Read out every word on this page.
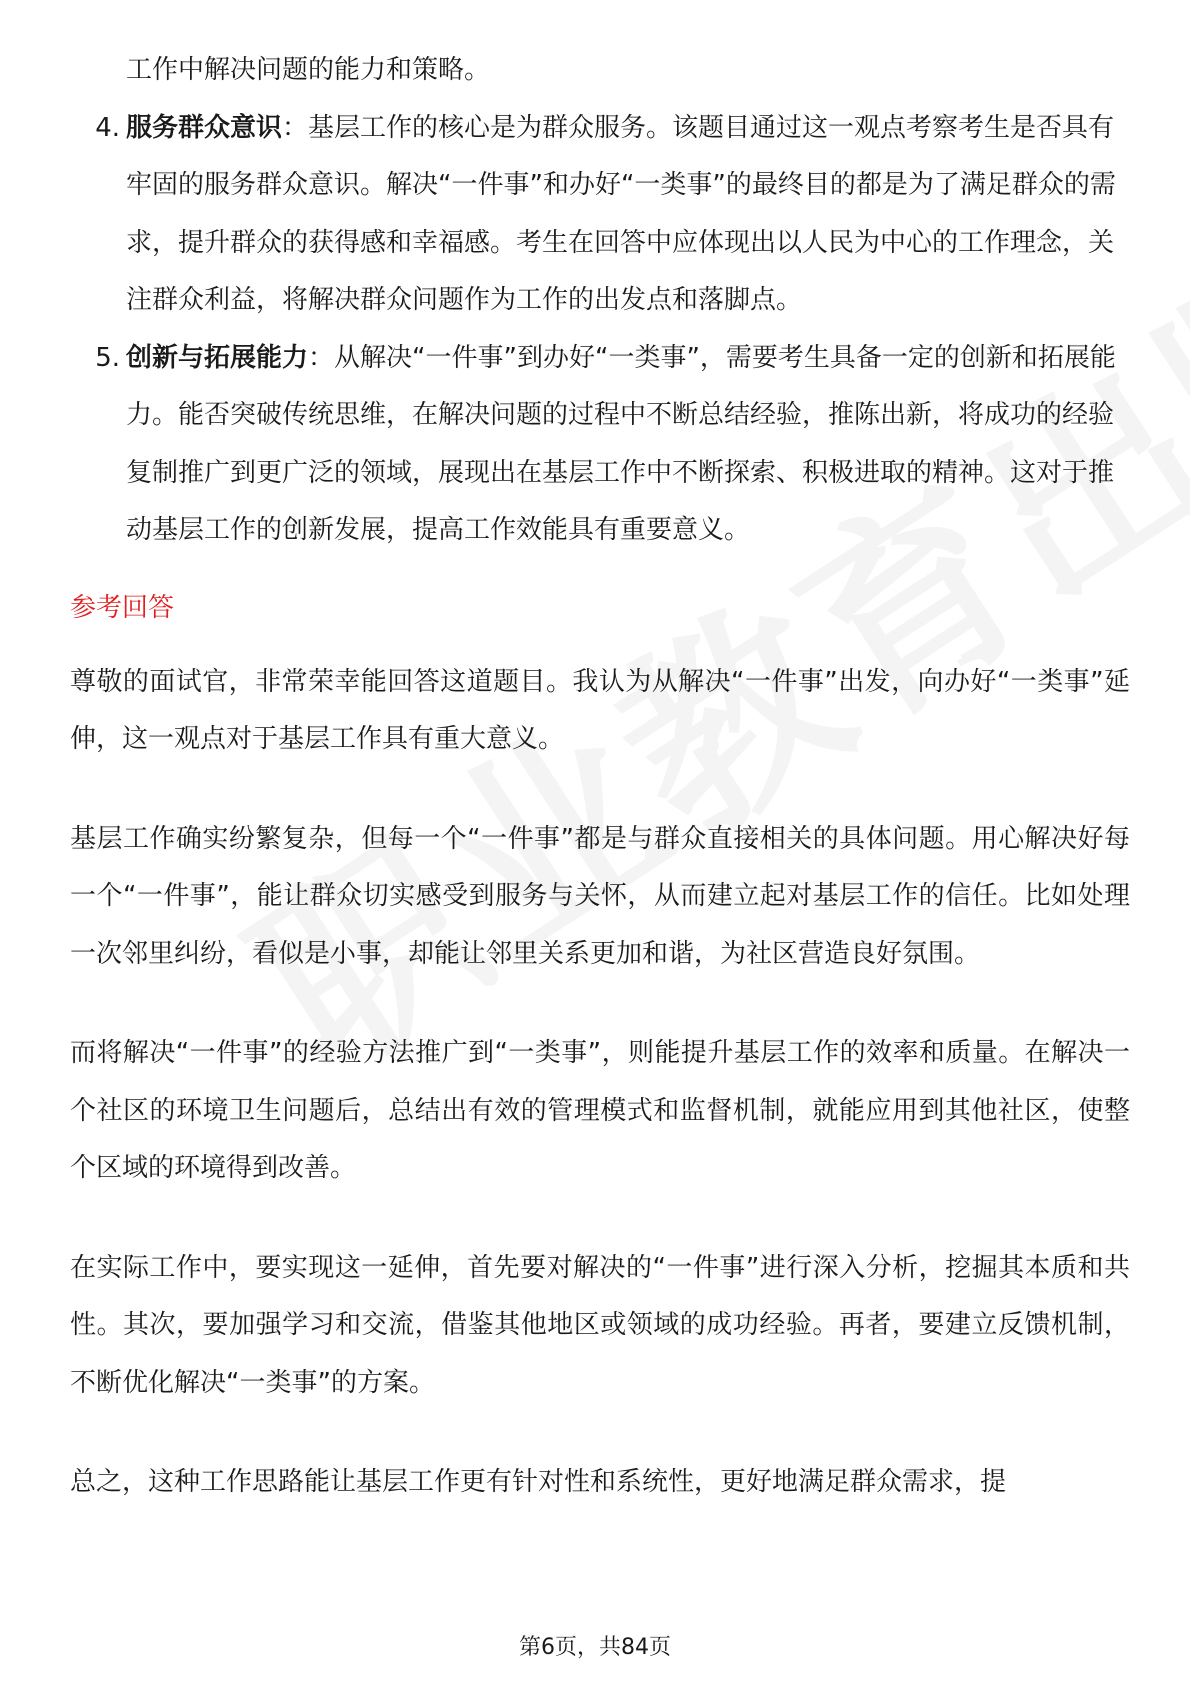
工作中解决问题的能力和策略。

4. 服务群众意识：基层工作的核心是为群众服务。该题目通过这一观点考察考生是否具有牢固的服务群众意识。解决“一件事”和办好“一类事”的最终目的都是为了满足群众的需求，提升群众的获得感和幸福感。考生在回答中应体现出以人民为中心的工作理念，关注群众利益，将解决群众问题作为工作的出发点和落脚点。

5. 创新与拓展能力：从解决“一件事”到办好“一类事”，需要考生具备一定的创新和拓展能力。能否突破传统思维，在解决问题的过程中不断总结经验，推陈出新，将成功的经验复制推广到更广泛的领域，展现出在基层工作中不断探索、积极进取的精神。这对于推动基层工作的创新发展，提高工作效能具有重要意义。

参考回答

尊敬的面试官，非常荣幸能回答这道题目。我认为从解决“一件事”出发，向办好“一类事”延伸，这一观点对于基层工作具有重大意义。

基层工作确实纷繁复杂，但每一个“一件事”都是与群众直接相关的具体问题。用心解决好每一个“一件事”，能让群众切实感受到服务与关怀，从而建立起对基层工作的信任。比如处理一次邻里纠纷，看似是小事，却能让邻里关系更加和谐，为社区营造良好氛围。

而将解决“一件事”的经验方法推广到“一类事”，则能提升基层工作的效率和质量。在解决一个社区的环境卫生问题后，总结出有效的管理模式和监督机制，就能应用到其他社区，使整个区域的环境得到改善。

在实际工作中，要实现这一延伸，首先要对解决的“一件事”进行深入分析，挖掘其本质和共性。其次，要加强学习和交流，借鉴其他地区或领域的成功经验。再者，要建立反馈机制，不断优化解决“一类事”的方案。

总之，这种工作思路能让基层工作更有针对性和系统性，更好地满足群众需求，提

第6页，共84页
